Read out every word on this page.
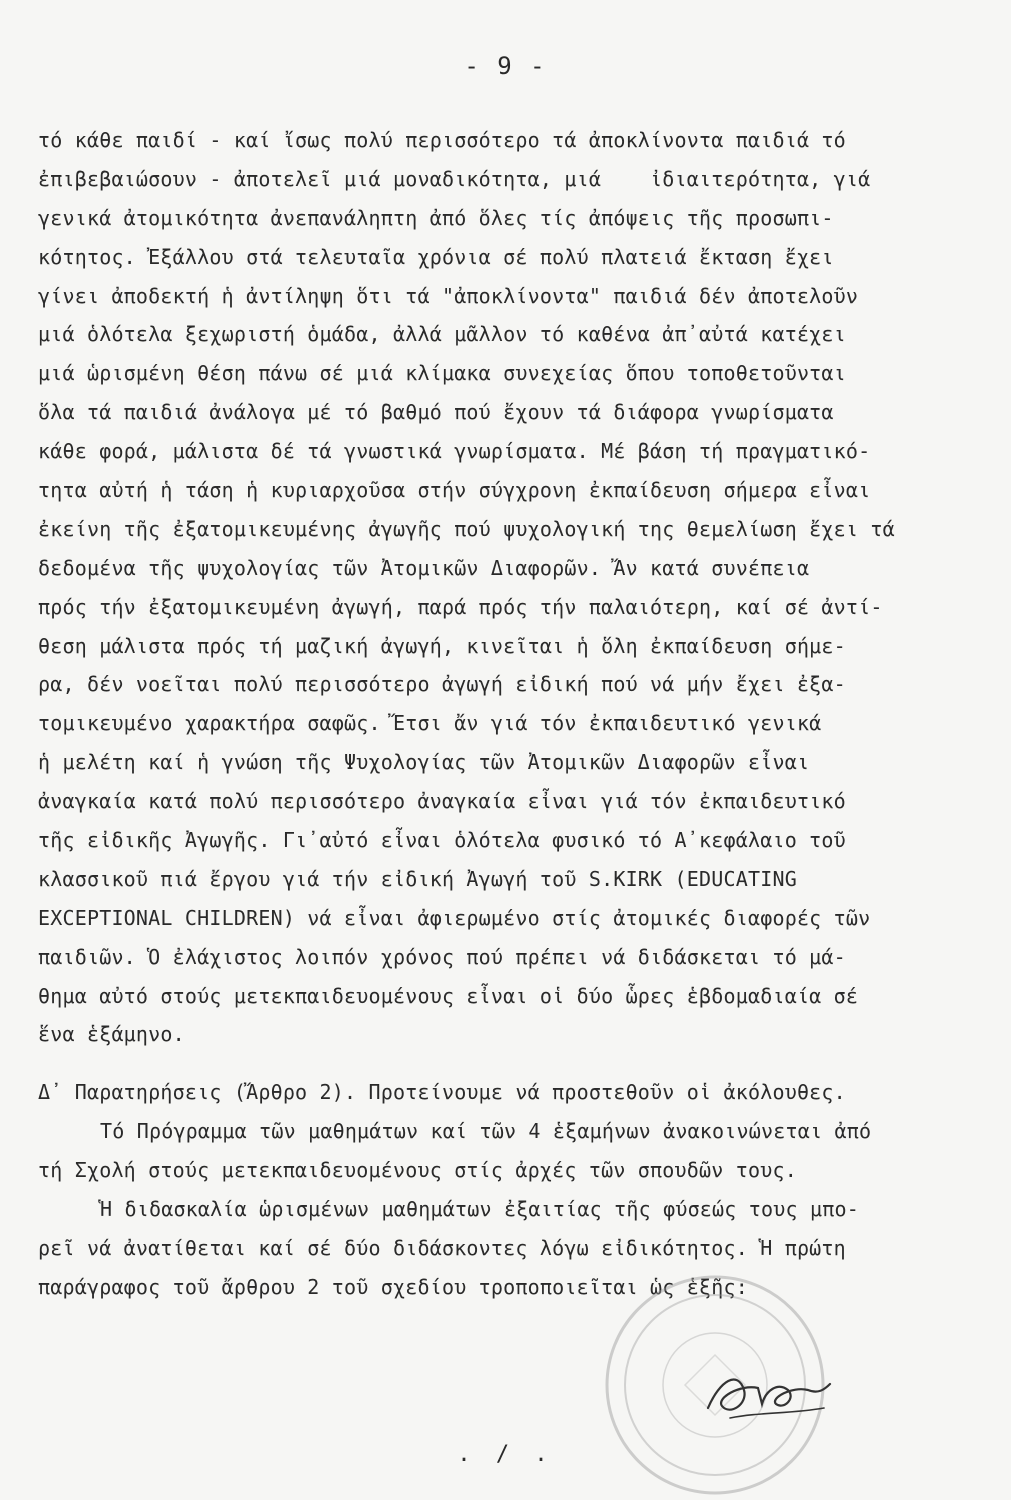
- 9 -
τό κάθε παιδί - καί ἴσως πολύ περισσότερο τά ἀποκλίνοντα παιδιά τό
ἐπιβεβαιώσουν - ἀποτελεῖ μιά μοναδικότητα, μιά    ἰδιαιτερότητα, γιά
γενικά ἀτομικότητα ἀνεπανάληπτη ἀπό ὅλες τίς ἀπόψεις τῆς προσωπι-
κότητος. Ἐξάλλου στά τελευταῖα χρόνια σέ πολύ πλατειά ἔκταση ἔχει
γίνει ἀποδεκτή ἡ ἀντίληψη ὅτι τά "ἀποκλίνοντα" παιδιά δέν ἀποτελοῦν
μιά ὁλότελα ξεχωριστή ὁμάδα, ἀλλά μᾶλλον τό καθένα ἀπ᾿αὐτά κατέχει
μιά ὡρισμένη θέση πάνω σέ μιά κλίμακα συνεχείας ὅπου τοποθετοῦνται
ὅλα τά παιδιά ἀνάλογα μέ τό βαθμό πού ἔχουν τά διάφορα γνωρίσματα
κάθε φορά, μάλιστα δέ τά γνωστικά γνωρίσματα. Μέ βάση τή πραγματικό-
τητα αὐτή ἡ τάση ἡ κυριαρχοῦσα στήν σύγχρονη ἐκπαίδευση σήμερα εἶναι
ἐκείνη τῆς ἐξατομικευμένης ἀγωγῆς πού ψυχολογική της θεμελίωση ἔχει τά
δεδομένα τῆς ψυχολογίας τῶν Ἀτομικῶν Διαφορῶν. Ἄν κατά συνέπεια
πρός τήν ἐξατομικευμένη ἀγωγή, παρά πρός τήν παλαιότερη, καί σέ ἀντί-
θεση μάλιστα πρός τή μαζική ἀγωγή, κινεῖται ἡ ὅλη ἐκπαίδευση σήμε-
ρα, δέν νοεῖται πολύ περισσότερο ἀγωγή εἰδική πού νά μήν ἔχει ἐξα-
τομικευμένο χαρακτήρα σαφῶς. Ἔτσι ἄν γιά τόν ἐκπαιδευτικό γενικά
ἡ μελέτη καί ἡ γνώση τῆς Ψυχολογίας τῶν Ἀτομικῶν Διαφορῶν εἶναι
ἀναγκαία κατά πολύ περισσότερο ἀναγκαία εἶναι γιά τόν ἐκπαιδευτικό
τῆς εἰδικῆς Ἀγωγῆς. Γι᾿αὐτό εἶναι ὁλότελα φυσικό τό Α᾿κεφάλαιο τοῦ
κλασσικοῦ πιά ἔργου γιά τήν εἰδική Ἀγωγή τοῦ S.KIRK (EDUCATING
EXCEPTIONAL CHILDREN) νά εἶναι ἀφιερωμένο στίς ἀτομικές διαφορές τῶν
παιδιῶν. Ὁ ἐλάχιστος λοιπόν χρόνος πού πρέπει νά διδάσκεται τό μά-
θημα αὐτό στούς μετεκπαιδευομένους εἶναι οἱ δύο ὧρες ἑβδομαδιαία σέ
ἕνα ἑξάμηνο.
Δ᾿ Παρατηρήσεις (Ἄρθρο 2). Προτείνουμε νά προστεθοῦν οἱ ἀκόλουθες.
Τό Πρόγραμμα τῶν μαθημάτων καί τῶν 4 ἑξαμήνων ἀνακοινώνεται ἀπό
τή Σχολή στούς μετεκπαιδευομένους στίς ἀρχές τῶν σπουδῶν τους.
Ἡ διδασκαλία ὡρισμένων μαθημάτων ἐξαιτίας τῆς φύσεώς τους μπο-
ρεῖ νά ἀνατίθεται καί σέ δύο διδάσκοντες λόγω εἰδικότητος. Ἡ πρώτη
παράγραφος τοῦ ἄρθρου 2 τοῦ σχεδίου τροποποιεῖται ὡς ἑξῆς:
. / .
